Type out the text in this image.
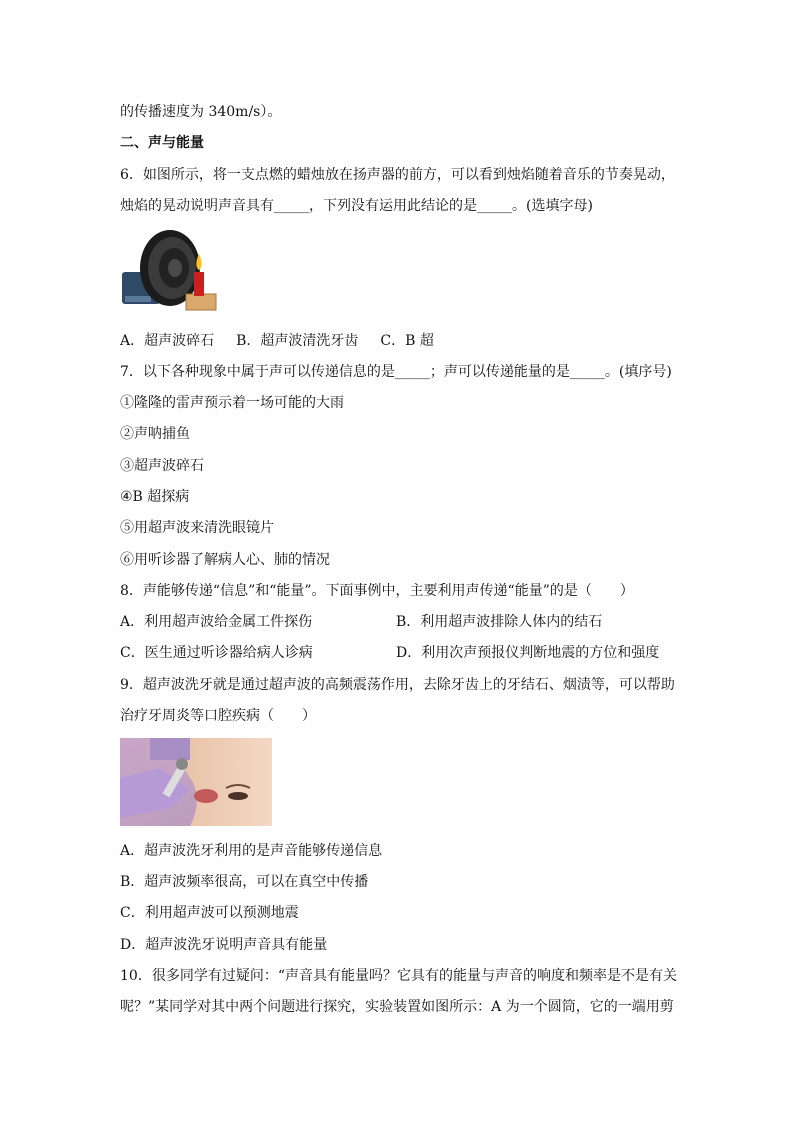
的传播速度为 340m/s）。
二、声与能量
6．如图所示，将一支点燃的蜡烛放在扬声器的前方，可以看到烛焰随着音乐的节奏晃动，
烛焰的晃动说明声音具有_____，下列没有运用此结论的是_____。(选填字母)
A．超声波碎石 B．超声波清洗牙齿 C．B 超
7．以下各种现象中属于声可以传递信息的是_____；声可以传递能量的是_____。(填序号)
①隆隆的雷声预示着一场可能的大雨
②声呐捕鱼
③超声波碎石
④B 超探病
⑤用超声波来清洗眼镜片
⑥用听诊器了解病人心、肺的情况
8．声能够传递“信息”和“能量”。下面事例中，主要利用声传递“能量”的是（　　）
A．利用超声波给金属工件探伤	B．利用超声波排除人体内的结石
C．医生通过听诊器给病人诊病	D．利用次声预报仪判断地震的方位和强度
9．超声波洗牙就是通过超声波的高频震荡作用，去除牙齿上的牙结石、烟渍等，可以帮助
治疗牙周炎等口腔疾病（　　）
A．超声波洗牙利用的是声音能够传递信息
B．超声波频率很高，可以在真空中传播
C．利用超声波可以预测地震
D．超声波洗牙说明声音具有能量
10．很多同学有过疑问：“声音具有能量吗？它具有的能量与声音的响度和频率是不是有关
呢？”某同学对其中两个问题进行探究，实验装置如图所示：A 为一个圆筒，它的一端用剪
